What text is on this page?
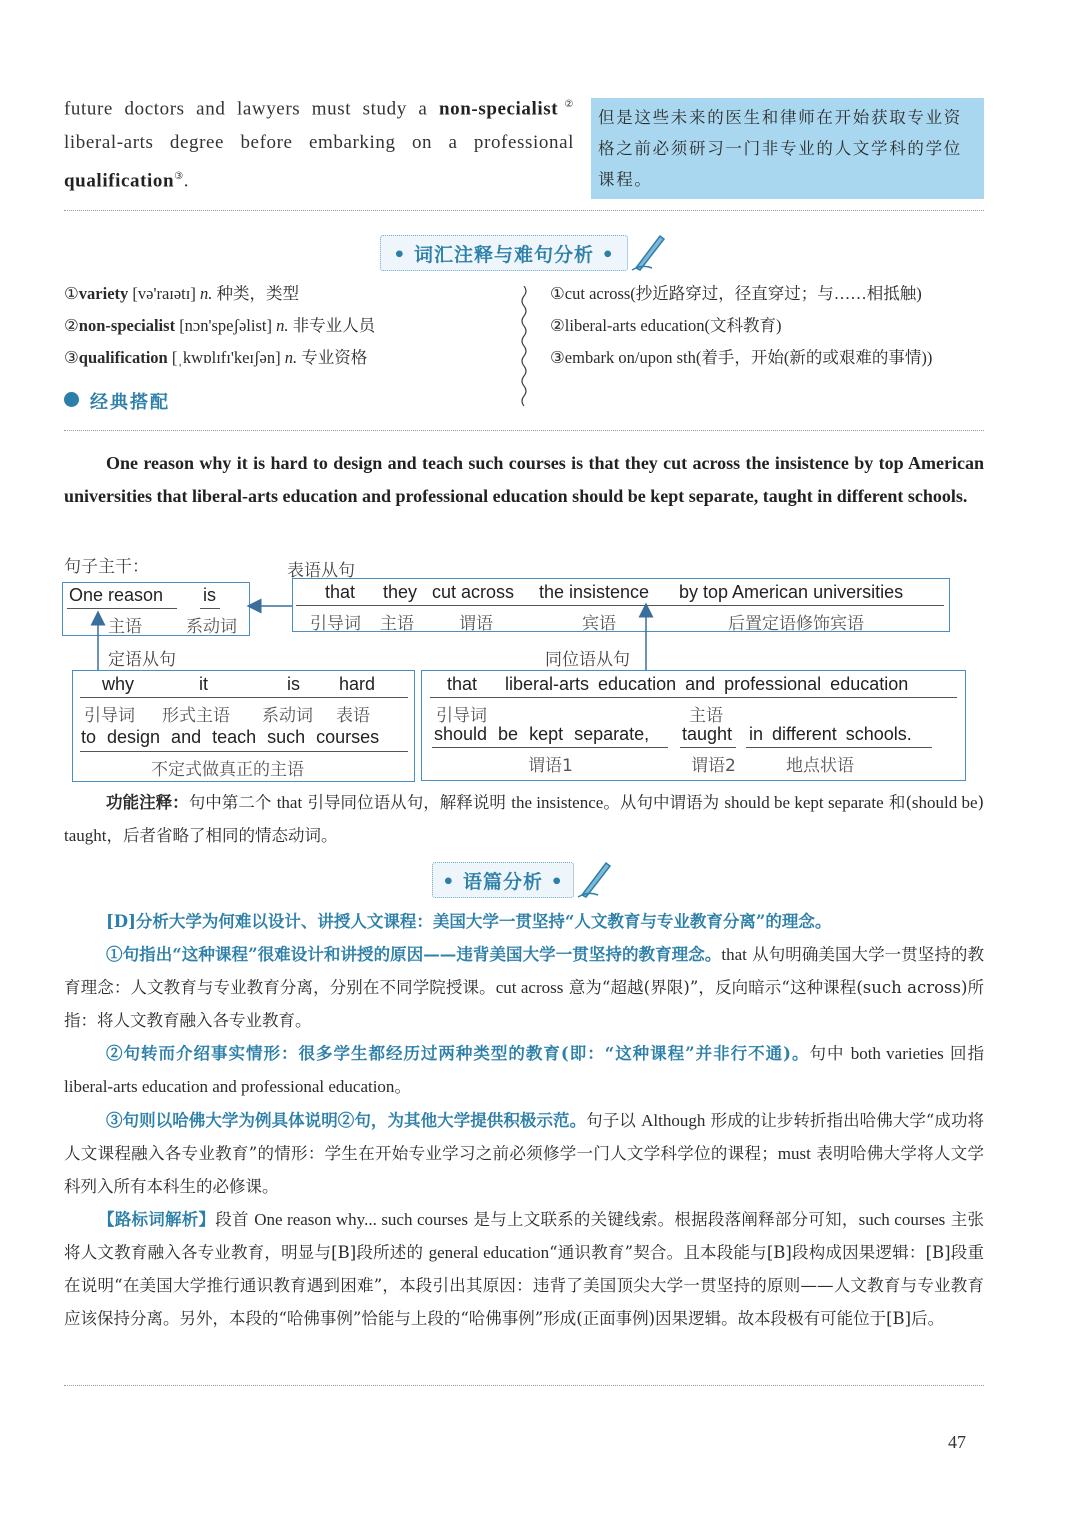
future doctors and lawyers must study a non-specialist② liberal-arts degree before embarking on a professional qualification③.
但是这些未来的医生和律师在开始获取专业资格之前必须研习一门非专业的人文学科的学位课程。
• 词汇注释与难句分析 •
①variety [və'raɪətɪ] n. 种类，类型
②non-specialist [nɔn'speʃəlist] n. 非专业人员
③qualification [ˌkwɒlɪfɪ'keɪʃən] n. 专业资格
①cut across(抄近路穿过，径直穿过；与……相抵触)
②liberal-arts education(文科教育)
③embark on/upon sth(着手，开始(新的或艰难的事情))
经典搭配
One reason why it is hard to design and teach such courses is that they cut across the insistence by top American universities that liberal-arts education and professional education should be kept separate, taught in different schools.
句子主干：	表语从句
One reason is
主语	系动词
that they cut across the insistence by top American universities
引导词 主语	谓语	宾语	后置定语修饰宾语
定语从句	同位语从句
why	it	is hard
引导词 形式主语 系动词 表语
to design and teach such courses
不定式做真正的主语
that liberal-arts education and professional education
引导词	主语
should be kept separate, taught in different schools.
谓语1	谓语2	地点状语
功能注释：句中第二个 that 引导同位语从句，解释说明 the insistence。从句中谓语为 should be kept separate 和(should be) taught，后者省略了相同的情态动词。
• 语篇分析 •
[D]分析大学为何难以设计、讲授人文课程：美国大学一贯坚持“人文教育与专业教育分离”的理念。
①句指出“这种课程”很难设计和讲授的原因——违背美国大学一贯坚持的教育理念。that 从句明确美国大学一贯坚持的教育理念：人文教育与专业教育分离，分别在不同学院授课。cut across 意为“超越(界限)”，反向暗示“这种课程(such across)所指：将人文教育融入各专业教育。
②句转而介绍事实情形：很多学生都经历过两种类型的教育(即：“这种课程”并非行不通)。句中 both varieties 回指 liberal-arts education and professional education。
③句则以哈佛大学为例具体说明②句，为其他大学提供积极示范。句子以 Although 形成的让步转折指出哈佛大学“成功将人文课程融入各专业教育”的情形：学生在开始专业学习之前必须修学一门人文学科学位的课程；must 表明哈佛大学将人文学科列入所有本科生的必修课。
【路标词解析】段首 One reason why... such courses 是与上文联系的关键线索。根据段落阐释部分可知，such courses 主张将人文教育融入各专业教育，明显与[B]段所述的 general education“通识教育”契合。且本段能与[B]段构成因果逻辑：[B]段重在说明“在美国大学推行通识教育遇到困难”，本段引出其原因：违背了美国顶尖大学一贯坚持的原则——人文教育与专业教育应该保持分离。另外，本段的“哈佛事例”恰能与上段的“哈佛事例”形成(正面事例)因果逻辑。故本段极有可能位于[B]后。
47
